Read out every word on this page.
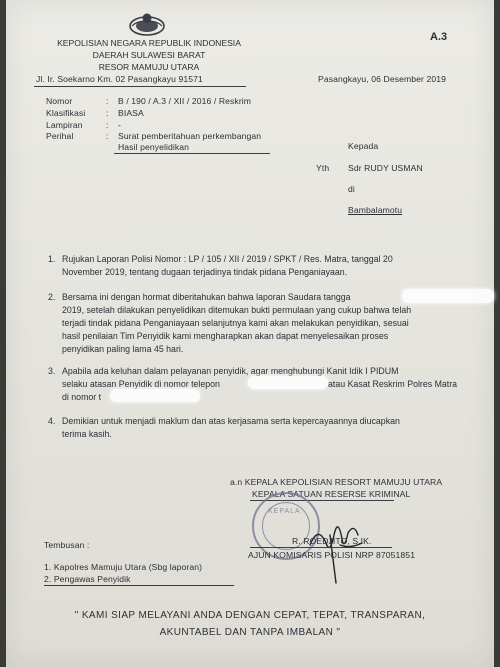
KEPOLISIAN NEGARA REPUBLIK INDONESIA
DAERAH SULAWESI BARAT
RESOR MAMUJU UTARA
Jl. Ir. Soekarno Km. 02 Pasangkayu 91571
A.3
Pasangkayu, 06 Desember 2019
Nomor	: B / 190 / A.3 / XII / 2016 / Reskrim
Klasifikasi : BIASA
Lampiran	: -
Perihal	: Surat pemberitahuan perkembangan
Hasil penyelidikan	Kepada
Yth Sdr RUDY USMAN
di
Bambalamotu
1. Rujukan Laporan Polisi Nomor : LP / 105 / XII / 2019 / SPKT / Res. Matra, tanggal 20
November 2019, tentang dugaan terjadinya tindak pidana Penganiayaan.
2. Bersama ini dengan hormat diberitahukan bahwa laporan Saudara tangga
2019, setelah dilakukan penyelidikan ditemukan bukti permulaan yang cukup bahwa telah
terjadi tindak pidana Penganiayaan selanjutnya kami akan melakukan penyidikan, sesuai
hasil penilaian Tim Penyidik kami mengharapkan akan dapat menyelesaikan proses
penyidikan paling lama 45 hari.
3. Apabila ada keluhan dalam pelayanan penyidik, agar menghubungi Kanit Idik I PIDUM
selaku atasan Penyidik di nomor telepon	atau Kasat Reskrim Polres Matra
di nomor t
4. Demikian untuk menjadi maklum dan atas kerjasama serta kepercayaannya diucapkan
terima kasih.
a.n KEPALA KEPOLISIAN RESORT MAMUJU UTARA
KEPALA SATUAN RESERSE KRIMINAL
KEPALA
R. ROEDJITO, S.IK.
AJUN KOMISARIS POLISI NRP 87051851
Tembusan :
1. Kapolres Mamuju Utara (Sbg laporan)
2. Pengawas Penyidik
" KAMI SIAP MELAYANI ANDA DENGAN CEPAT, TEPAT, TRANSPARAN,
AKUNTABEL DAN TANPA IMBALAN "
